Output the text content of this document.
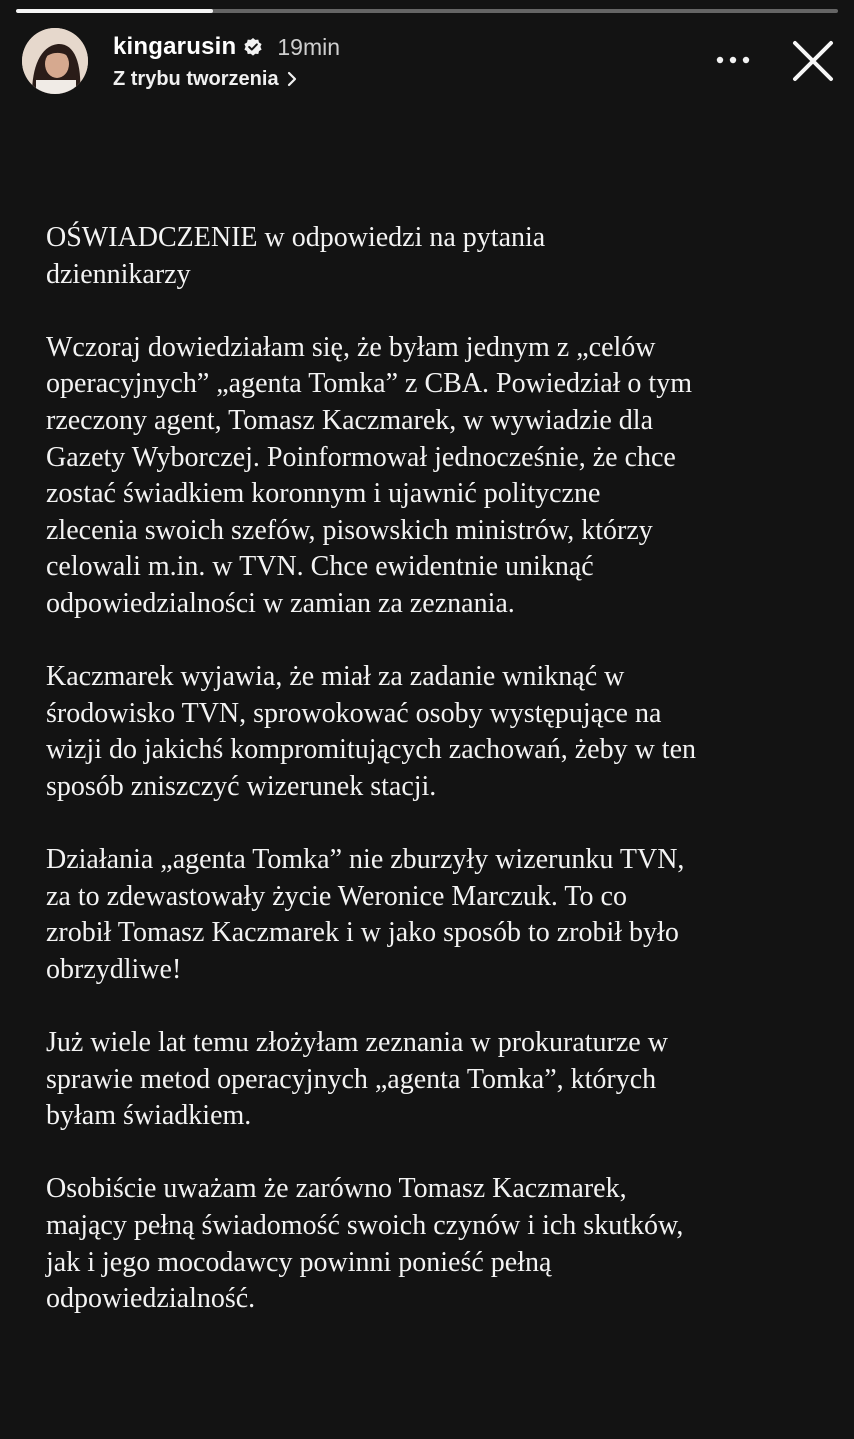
kingarusin 19min
Z trybu tworzenia

OŚWIADCZENIE w odpowiedzi na pytania
dziennikarzy

Wczoraj dowiedziałam się, że byłam jednym z „celów
operacyjnych” „agenta Tomka” z CBA. Powiedział o tym
rzeczony agent, Tomasz Kaczmarek, w wywiadzie dla
Gazety Wyborczej. Poinformował jednocześnie, że chce
zostać świadkiem koronnym i ujawnić polityczne
zlecenia swoich szefów, pisowskich ministrów, którzy
celowali m.in. w TVN. Chce ewidentnie uniknąć
odpowiedzialności w zamian za zeznania.

Kaczmarek wyjawia, że miał za zadanie wniknąć w
środowisko TVN, sprowokować osoby występujące na
wizji do jakichś kompromitujących zachowań, żeby w ten
sposób zniszczyć wizerunek stacji.

Działania „agenta Tomka” nie zburzyły wizerunku TVN,
za to zdewastowały życie Weronice Marczuk. To co
zrobił Tomasz Kaczmarek i w jako sposób to zrobił było
obrzydliwe!

Już wiele lat temu złożyłam zeznania w prokuraturze w
sprawie metod operacyjnych „agenta Tomka”, których
byłam świadkiem.

Osobiście uważam że zarówno Tomasz Kaczmarek,
mający pełną świadomość swoich czynów i ich skutków,
jak i jego mocodawcy powinni ponieść pełną
odpowiedzialność.
